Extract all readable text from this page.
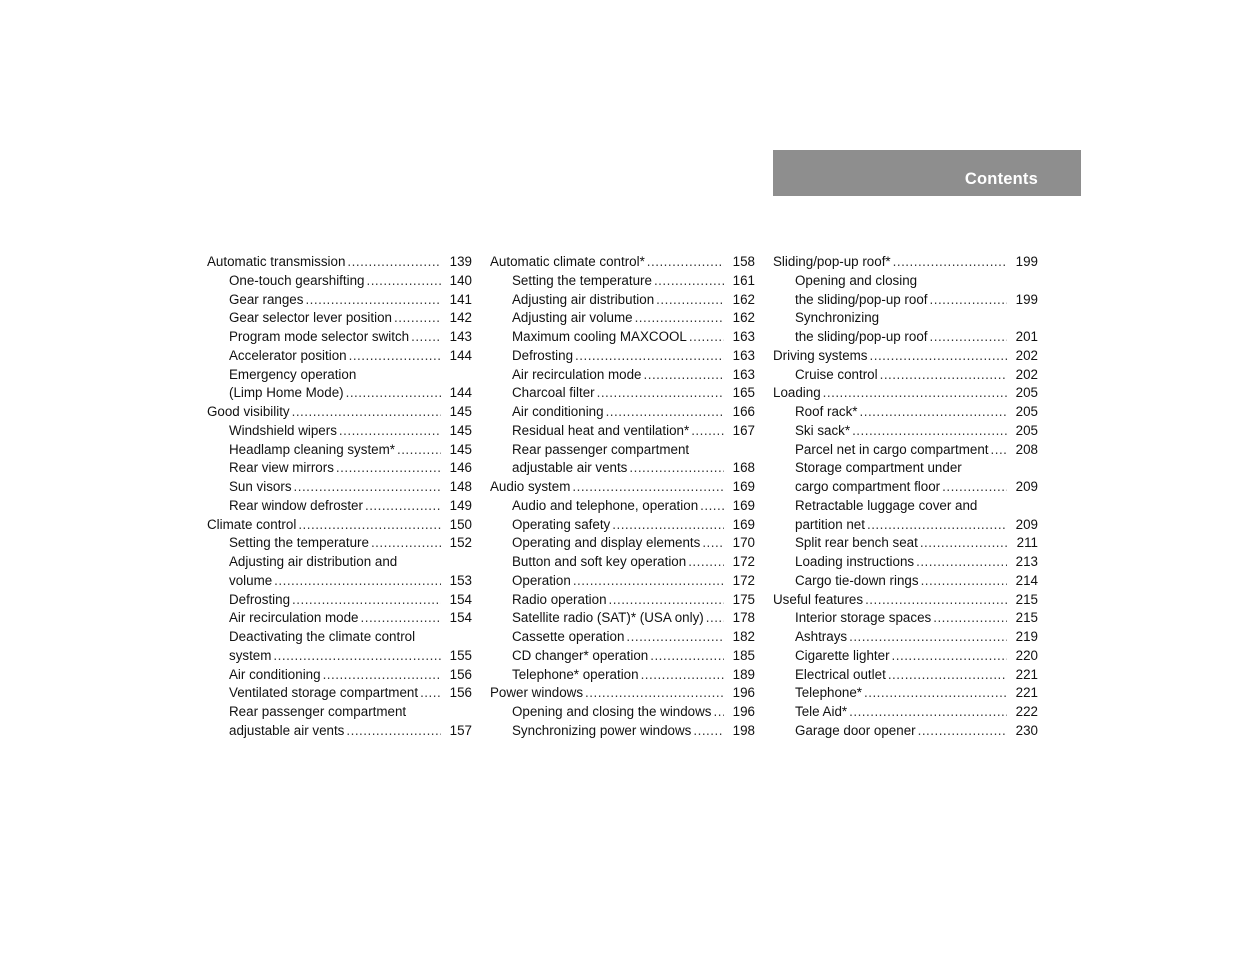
Contents
Automatic transmission .....	139
One-touch gearshifting .....	140
Gear ranges .....	141
Gear selector lever position .....	142
Program mode selector switch .....	143
Accelerator position .....	144
Emergency operation
(Limp Home Mode) .....	144
Good visibility .....	145
Windshield wipers .....	145
Headlamp cleaning system* .....	145
Rear view mirrors .....	146
Sun visors .....	148
Rear window defroster .....	149
Climate control .....	150
Setting the temperature .....	152
Adjusting air distribution and
volume .....	153
Defrosting .....	154
Air recirculation mode .....	154
Deactivating the climate control
system .....	155
Air conditioning .....	156
Ventilated storage compartment ..... 156
Rear passenger compartment
adjustable air vents .....	157
Automatic climate control* .....	158
Setting the temperature .....	161
Adjusting air distribution .....	162
Adjusting air volume .....	162
Maximum cooling MAXCOOL .....	163
Defrosting .....	163
Air recirculation mode .....	163
Charcoal filter .....	165
Air conditioning .....	166
Residual heat and ventilation* .....	167
Rear passenger compartment
adjustable air vents .....	168
Audio system .....	169
Audio and telephone, operation .....	169
Operating safety .....	169
Operating and display elements ..... 170
Button and soft key operation .....	172
Operation .....	172
Radio operation .....	175
Satellite radio (SAT)* (USA only) ..... 178
Cassette operation .....	182
CD changer* operation .....	185
Telephone* operation .....	189
Power windows .....	196
Opening and closing the windows ..... 196
Synchronizing power windows .....	198
Sliding/pop-up roof* .....	199
Opening and closing
the sliding/pop-up roof .....	199
Synchronizing
the sliding/pop-up roof .....	201
Driving systems .....	202
Cruise control .....	202
Loading .....	205
Roof rack* .....	205
Ski sack* .....	205
Parcel net in cargo compartment ..... 208
Storage compartment under
cargo compartment floor .....	209
Retractable luggage cover and
partition net .....	209
Split rear bench seat .....	211
Loading instructions .....	213
Cargo tie-down rings .....	214
Useful features .....	215
Interior storage spaces .....	215
Ashtrays .....	219
Cigarette lighter .....	220
Electrical outlet .....	221
Telephone* .....	221
Tele Aid* .....	222
Garage door opener .....	230
